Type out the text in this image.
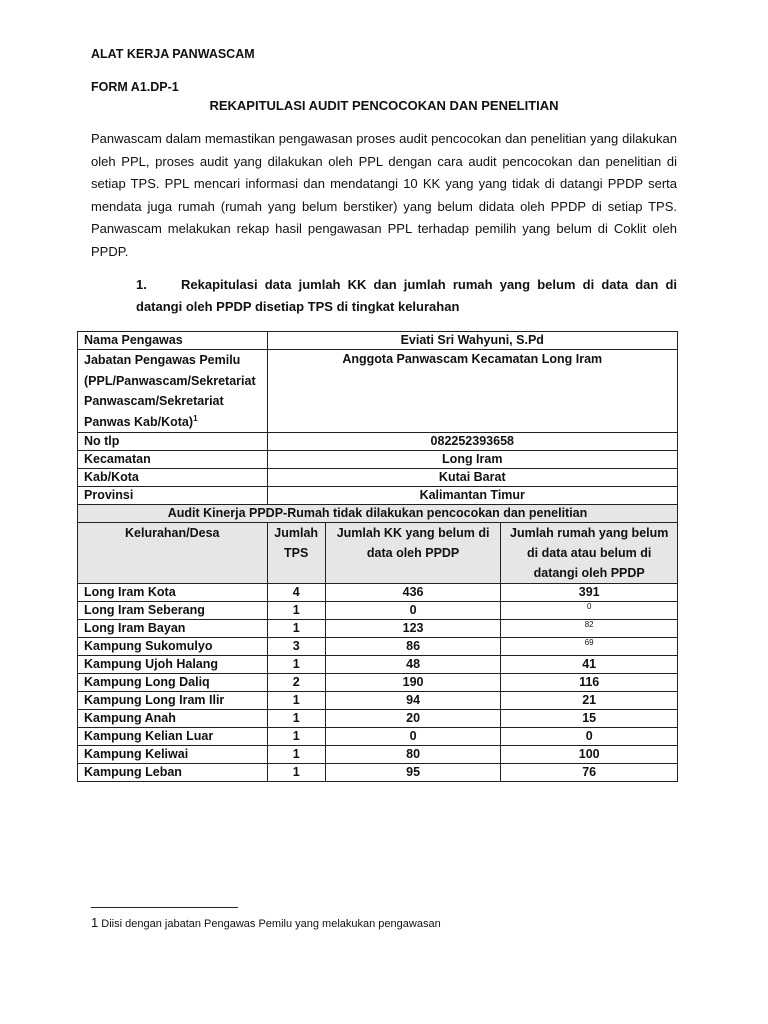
ALAT KERJA PANWASCAM
FORM A1.DP-1
REKAPITULASI AUDIT PENCOCOKAN DAN PENELITIAN

Panwascam dalam memastikan pengawasan proses audit pencocokan dan penelitian yang dilakukan oleh PPL, proses audit yang dilakukan oleh PPL dengan cara audit pencocokan dan penelitian di setiap TPS. PPL mencari informasi dan mendatangi 10 KK yang yang tidak di datangi PPDP serta mendata juga rumah (rumah yang belum berstiker) yang belum didata oleh PPDP di setiap TPS. Panwascam melakukan rekap hasil pengawasan PPL terhadap pemilih yang belum di Coklit oleh PPDP.

1.	Rekapitulasi data jumlah KK dan jumlah rumah yang belum di data dan di datangi oleh PPDP disetiap TPS di tingkat kelurahan
Nama Pengawas	Eviati Sri Wahyuni, S.Pd		
Jabatan Pengawas Pemilu (PPL/Panwascam/Sekretariat Panwascam/Sekretariat Panwas Kab/Kota)$^1$	Anggota Panwascam Kecamatan Long Iram		
No tlp	082252393658		
Kecamatan	Long Iram		
Kab/Kota	Kutai Barat		
Provinsi	Kalimantan Timur		
Audit Kinerja PPDP-Rumah tidak dilakukan pencocokan dan penelitian			
Kelurahan/Desa	Jumlah TPS	Jumlah KK yang belum di data oleh PPDP	Jumlah rumah yang belum di data atau belum di datangi oleh PPDP
Long Iram Kota	4	436	391
Long Iram Seberang	1	0	$^0$
Long Iram Bayan	1	123	$^{82}$
Kampung Sukomulyo	3	86	$^{69}$
Kampung Ujoh Halang	1	48	41
Kampung Long Daliq	2	190	116
Kampung Long Iram Ilir	1	94	21
Kampung Anah	1	20	15
Kampung Kelian Luar	1	0	0
Kampung Keliwai	1	80	100
Kampung Leban	1	95	76
1 Diisi dengan jabatan Pengawas Pemilu yang melakukan pengawasan
